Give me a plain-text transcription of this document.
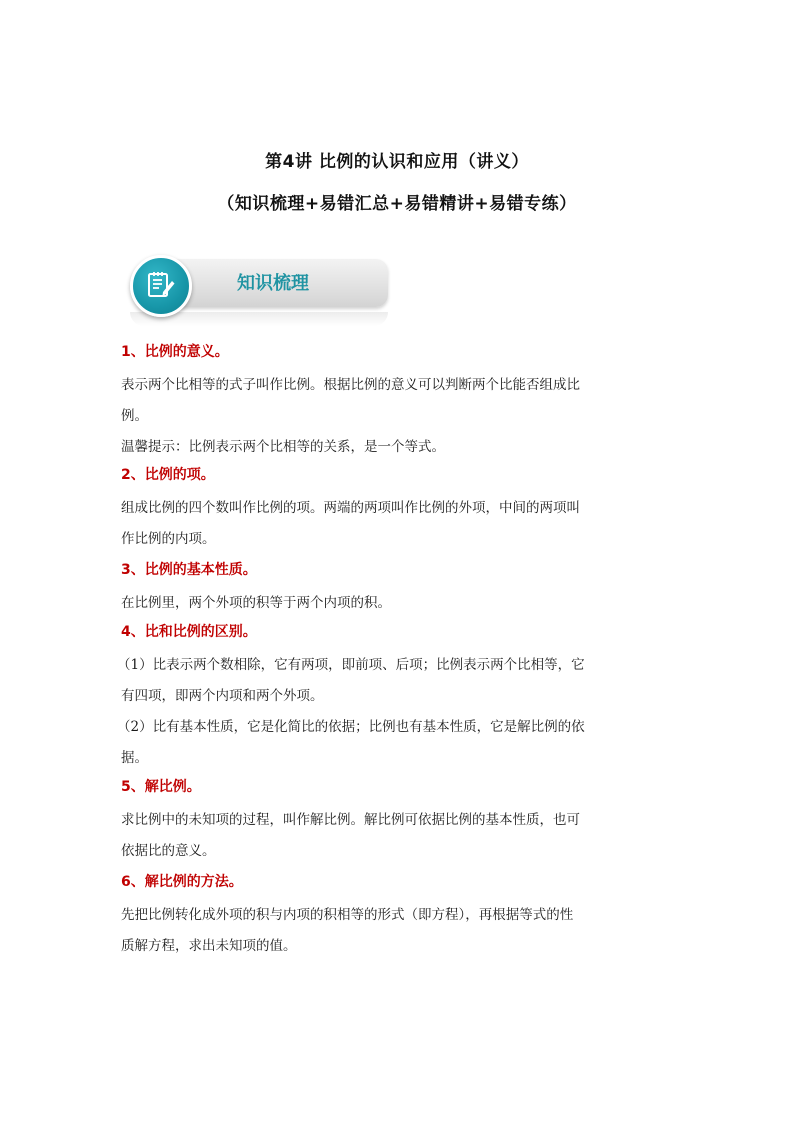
第4讲 比例的认识和应用（讲义）
（知识梳理+易错汇总+易错精讲+易错专练）
知识梳理
1、比例的意义。
表示两个比相等的式子叫作比例。根据比例的意义可以判断两个比能否组成比
例。
温馨提示：比例表示两个比相等的关系，是一个等式。
2、比例的项。
组成比例的四个数叫作比例的项。两端的两项叫作比例的外项，中间的两项叫
作比例的内项。
3、比例的基本性质。
在比例里，两个外项的积等于两个内项的积。
4、比和比例的区别。
（1）比表示两个数相除，它有两项，即前项、后项；比例表示两个比相等，它
有四项，即两个内项和两个外项。
（2）比有基本性质，它是化简比的依据；比例也有基本性质，它是解比例的依
据。
5、解比例。
求比例中的未知项的过程，叫作解比例。解比例可依据比例的基本性质，也可
依据比的意义。
6、解比例的方法。
先把比例转化成外项的积与内项的积相等的形式（即方程），再根据等式的性
质解方程，求出未知项的值。
